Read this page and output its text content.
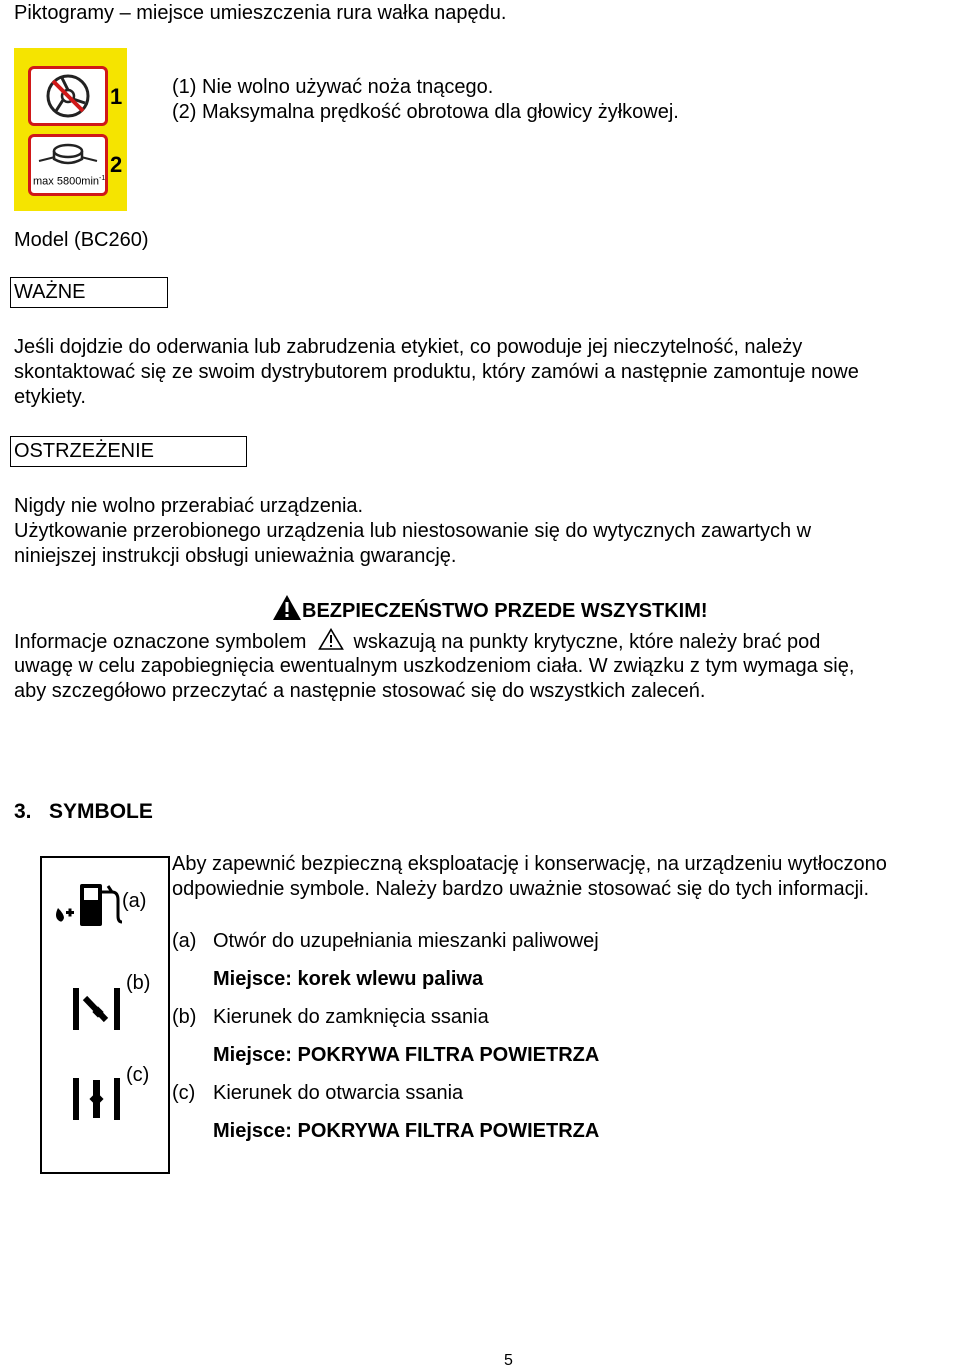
Piktogramy – miejsce umieszczenia rura wałka napędu.
1
$\max 5800\min^{-1}$
2
(1) Nie wolno używać noża tnącego.
(2) Maksymalna prędkość obrotowa dla głowicy żyłkowej.
Model (BC260)
WAŻNE
Jeśli dojdzie do oderwania lub zabrudzenia etykiet, co powoduje jej nieczytelność, należy
skontaktować się ze swoim dystrybutorem produktu, który zamówi a następnie zamontuje nowe
etykiety.
OSTRZEŻENIE
Nigdy nie wolno przerabiać urządzenia.
Użytkowanie przerobionego urządzenia lub niestosowanie się do wytycznych zawartych w
niniejszej instrukcji obsługi unieważnia gwarancję.
BEZPIECZEŃSTWO PRZEDE WSZYSTKIM!
Informacje oznaczone symbolem wskazują na punkty krytyczne, które należy brać pod
uwagę w celu zapobiegnięcia ewentualnym uszkodzeniom ciała. W związku z tym wymaga się,
aby szczegółowo przeczytać a następnie stosować się do wszystkich zaleceń.
3. SYMBOLE
(a)
(b)
(c)
Aby zapewnić bezpieczną eksploatację i konserwację, na urządzeniu wytłoczono
odpowiednie symbole. Należy bardzo uważnie stosować się do tych informacji.
(a) Otwór do uzupełniania mieszanki paliwowej
Miejsce: korek wlewu paliwa
(b) Kierunek do zamknięcia ssania
Miejsce: POKRYWA FILTRA POWIETRZA
(c) Kierunek do otwarcia ssania
Miejsce: POKRYWA FILTRA POWIETRZA
5
